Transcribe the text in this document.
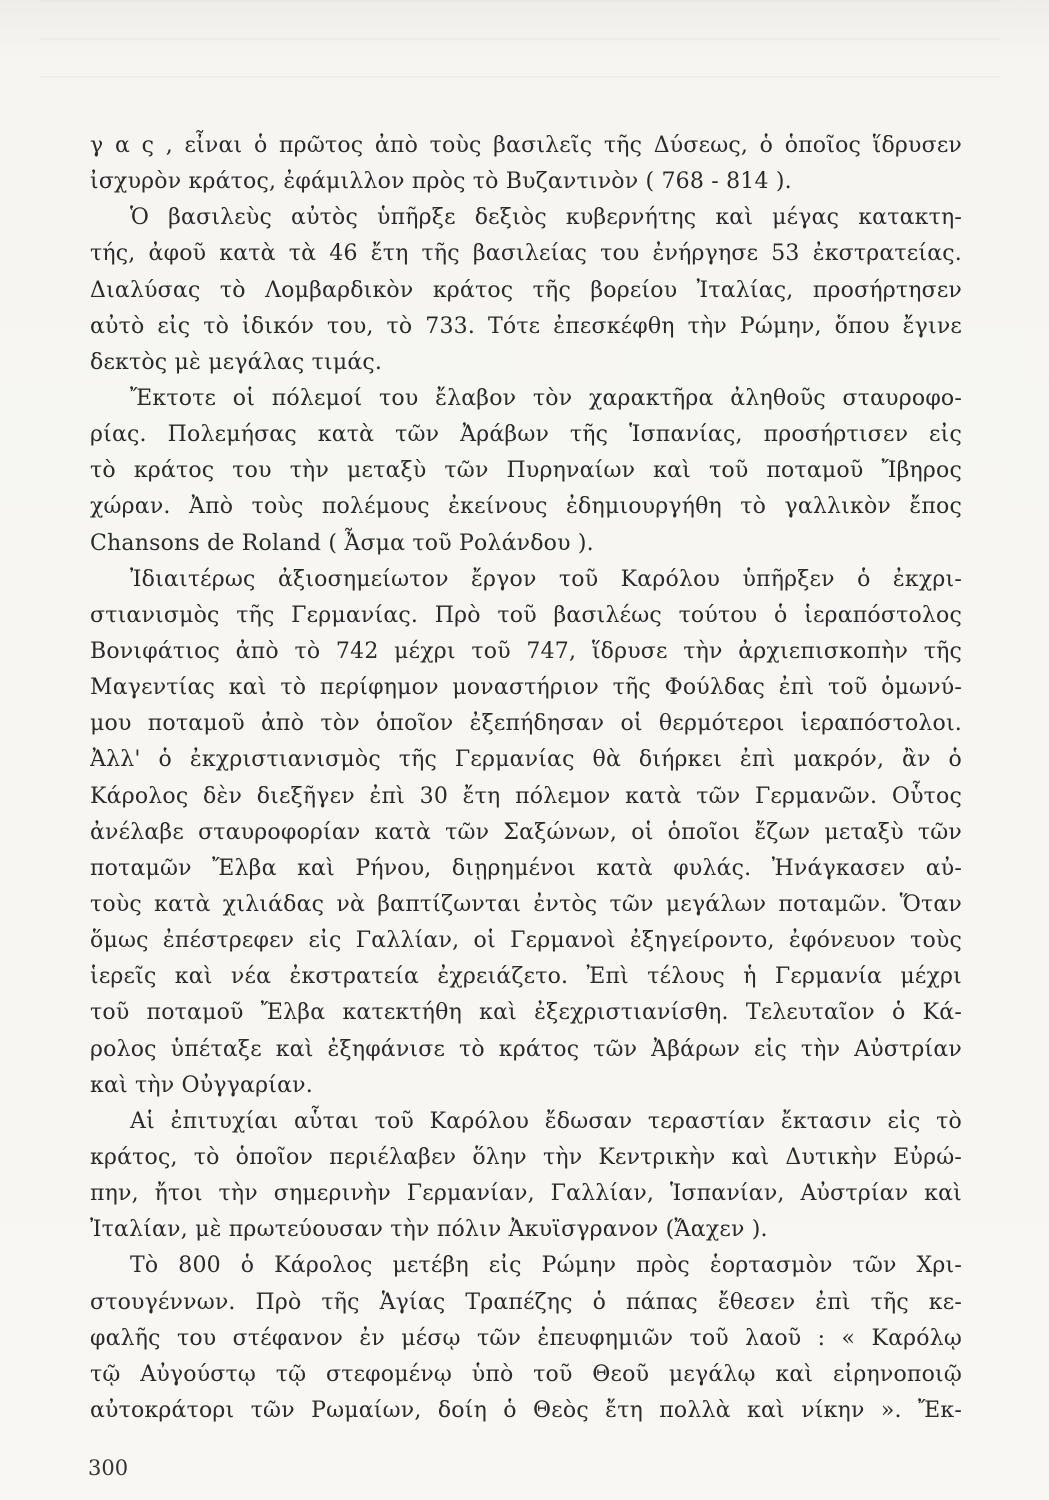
γ α ς , εἶναι ὁ πρῶτος ἀπὸ τοὺς βασιλεῖς τῆς Δύσεως, ὁ ὁποῖος ἵδρυσεν
ἰσχυρὸν κράτος, ἐφάμιλλον πρὸς τὸ Βυζαντινὸν ( 768 - 814 ).
Ὁ βασιλεὺς αὐτὸς ὑπῆρξε δεξιὸς κυβερνήτης καὶ μέγας κατακτη-
τής, ἀφοῦ κατὰ τὰ 46 ἔτη τῆς βασιλείας του ἐνήργησε 53 ἐκστρατείας.
Διαλύσας τὸ Λομβαρδικὸν κράτος τῆς βορείου Ἰταλίας, προσήρτησεν
αὐτὸ εἰς τὸ ἰδικόν του, τὸ 733. Τότε ἐπεσκέφθη τὴν Ρώμην, ὅπου ἔγινε
δεκτὸς μὲ μεγάλας τιμάς.
Ἔκτοτε οἱ πόλεμοί του ἔλαβον τὸν χαρακτῆρα ἀληθοῦς σταυροφο-
ρίας. Πολεμήσας κατὰ τῶν Ἀράβων τῆς Ἱσπανίας, προσήρτισεν εἰς
τὸ κράτος του τὴν μεταξὺ τῶν Πυρηναίων καὶ τοῦ ποταμοῦ Ἴβηρος
χώραν. Ἀπὸ τοὺς πολέμους ἐκείνους ἐδημιουργήθη τὸ γαλλικὸν ἔπος
Chansons de Roland ( Ἆσμα τοῦ Ρολάνδου ).
Ἰδιαιτέρως ἀξιοσημείωτον ἔργον τοῦ Καρόλου ὑπῆρξεν ὁ ἐκχρι-
στιανισμὸς τῆς Γερμανίας. Πρὸ τοῦ βασιλέως τούτου ὁ ἱεραπόστολος
Βονιφάτιος ἀπὸ τὸ 742 μέχρι τοῦ 747, ἵδρυσε τὴν ἀρχιεπισκοπὴν τῆς
Μαγεντίας καὶ τὸ περίφημον μοναστήριον τῆς Φούλδας ἐπὶ τοῦ ὁμωνύ-
μου ποταμοῦ ἀπὸ τὸν ὁποῖον ἐξεπήδησαν οἱ θερμότεροι ἱεραπόστολοι.
Ἀλλ' ὁ ἐκχριστιανισμὸς τῆς Γερμανίας θὰ διήρκει ἐπὶ μακρόν, ἂν ὁ
Κάρολος δὲν διεξῆγεν ἐπὶ 30 ἔτη πόλεμον κατὰ τῶν Γερμανῶν. Οὗτος
ἀνέλαβε σταυροφορίαν κατὰ τῶν Σαξώνων, οἱ ὁποῖοι ἔζων μεταξὺ τῶν
ποταμῶν Ἔλβα καὶ Ρήνου, διῃρημένοι κατὰ φυλάς. Ἠνάγκασεν αὐ-
τοὺς κατὰ χιλιάδας νὰ βαπτίζωνται ἐντὸς τῶν μεγάλων ποταμῶν. Ὅταν
ὅμως ἐπέστρεφεν εἰς Γαλλίαν, οἱ Γερμανοὶ ἐξηγείροντο, ἐφόνευον τοὺς
ἱερεῖς καὶ νέα ἐκστρατεία ἐχρειάζετο. Ἐπὶ τέλους ἡ Γερμανία μέχρι
τοῦ ποταμοῦ Ἔλβα κατεκτήθη καὶ ἐξεχριστιανίσθη. Τελευταῖον ὁ Κά-
ρολος ὑπέταξε καὶ ἐξηφάνισε τὸ κράτος τῶν Ἀβάρων εἰς τὴν Αὐστρίαν
καὶ τὴν Οὐγγαρίαν.
Αἱ ἐπιτυχίαι αὗται τοῦ Καρόλου ἔδωσαν τεραστίαν ἔκτασιν εἰς τὸ
κράτος, τὸ ὁποῖον περιέλαβεν ὅλην τὴν Κεντρικὴν καὶ Δυτικὴν Εὐρώ-
πην, ἤτοι τὴν σημερινὴν Γερμανίαν, Γαλλίαν, Ἱσπανίαν, Αὐστρίαν καὶ
Ἰταλίαν, μὲ πρωτεύουσαν τὴν πόλιν Ἀκυϊσγρανον (Ἄαχεν ).
Τὸ 800 ὁ Κάρολος μετέβη εἰς Ρώμην πρὸς ἑορτασμὸν τῶν Χρι-
στουγέννων. Πρὸ τῆς Ἁγίας Τραπέζης ὁ πάπας ἔθεσεν ἐπὶ τῆς κε-
φαλῆς του στέφανον ἐν μέσῳ τῶν ἐπευφημιῶν τοῦ λαοῦ : « Καρόλῳ
τῷ Αὐγούστῳ τῷ στεφομένῳ ὑπὸ τοῦ Θεοῦ μεγάλῳ καὶ εἰρηνοποιῷ
αὐτοκράτορι τῶν Ρωμαίων, δοίη ὁ Θεὸς ἔτη πολλὰ καὶ νίκην ». Ἔκ-
300
